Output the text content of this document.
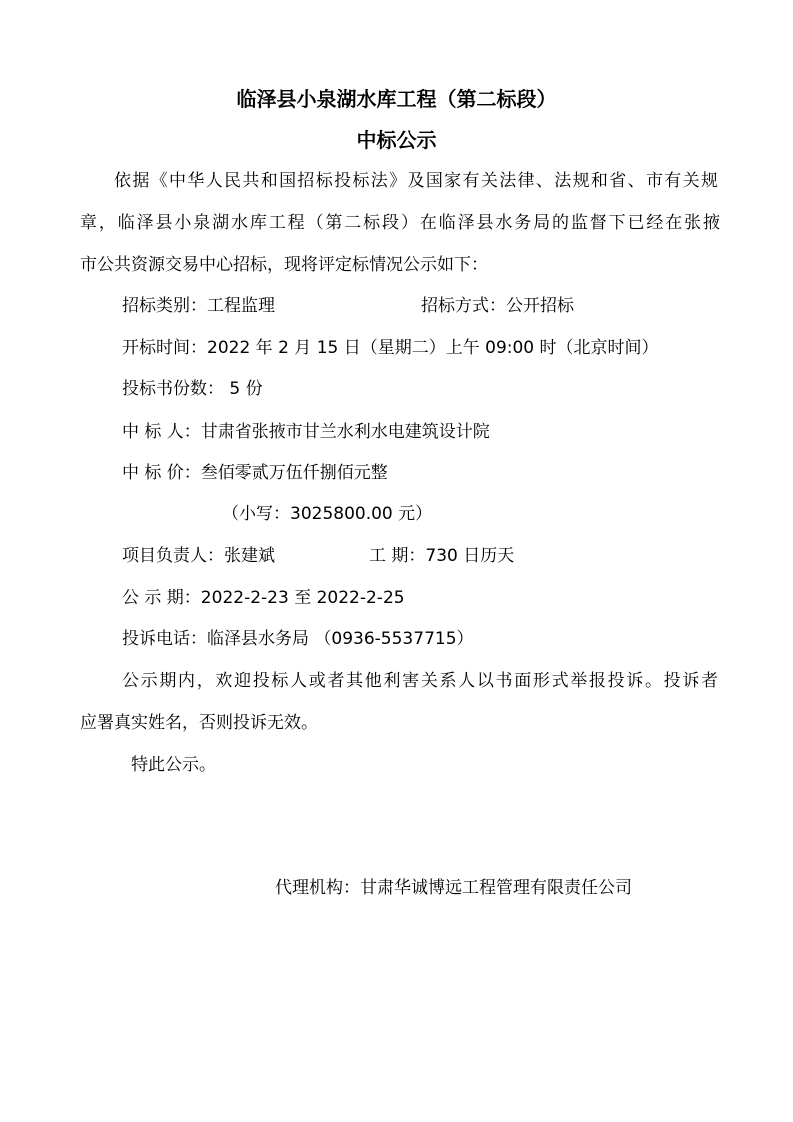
临泽县小泉湖水库工程（第二标段）
中标公示
依据《中华人民共和国招标投标法》及国家有关法律、法规和省、市有关规
章，临泽县小泉湖水库工程（第二标段）在临泽县水务局的监督下已经在张掖
市公共资源交易中心招标，现将评定标情况公示如下：
招标类别：工程监理	招标方式：公开招标
开标时间：2022 年 2 月 15 日（星期二）上午 09:00 时（北京时间）
投标书份数： 5 份
中 标 人：甘肃省张掖市甘兰水利水电建筑设计院
中 标 价：叁佰零贰万伍仟捌佰元整
（小写：3025800.00 元）
项目负责人：张建斌	工 期：730 日历天
公 示 期：2022-2-23 至 2022-2-25
投诉电话：临泽县水务局 （0936-5537715）
公示期内，欢迎投标人或者其他利害关系人以书面形式举报投诉。投诉者
应署真实姓名，否则投诉无效。
特此公示。
代理机构：甘肃华诚博远工程管理有限责任公司
